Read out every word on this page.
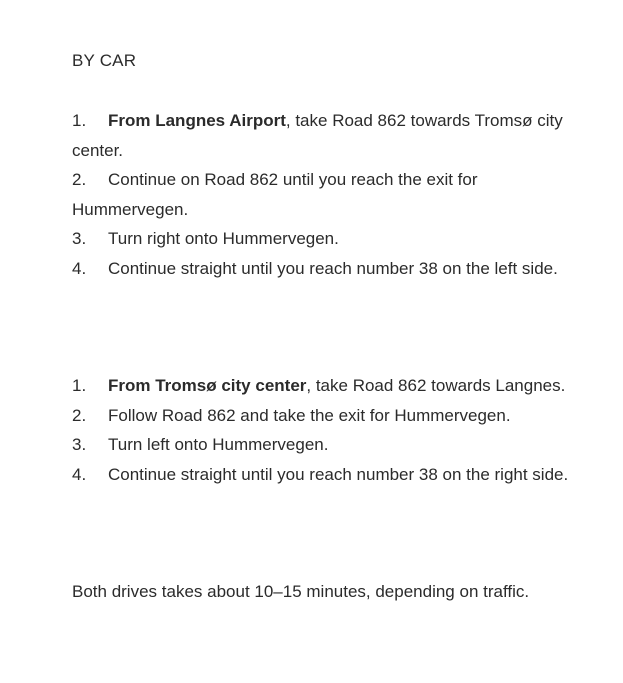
BY CAR
1. From Langnes Airport, take Road 862 towards Tromsø city center.
2. Continue on Road 862 until you reach the exit for Hummervegen.
3. Turn right onto Hummervegen.
4. Continue straight until you reach number 38 on the left side.
1. From Tromsø city center, take Road 862 towards Langnes.
2. Follow Road 862 and take the exit for Hummervegen.
3. Turn left onto Hummervegen.
4. Continue straight until you reach number 38 on the right side.

Both drives takes about 10–15 minutes, depending on traffic.
